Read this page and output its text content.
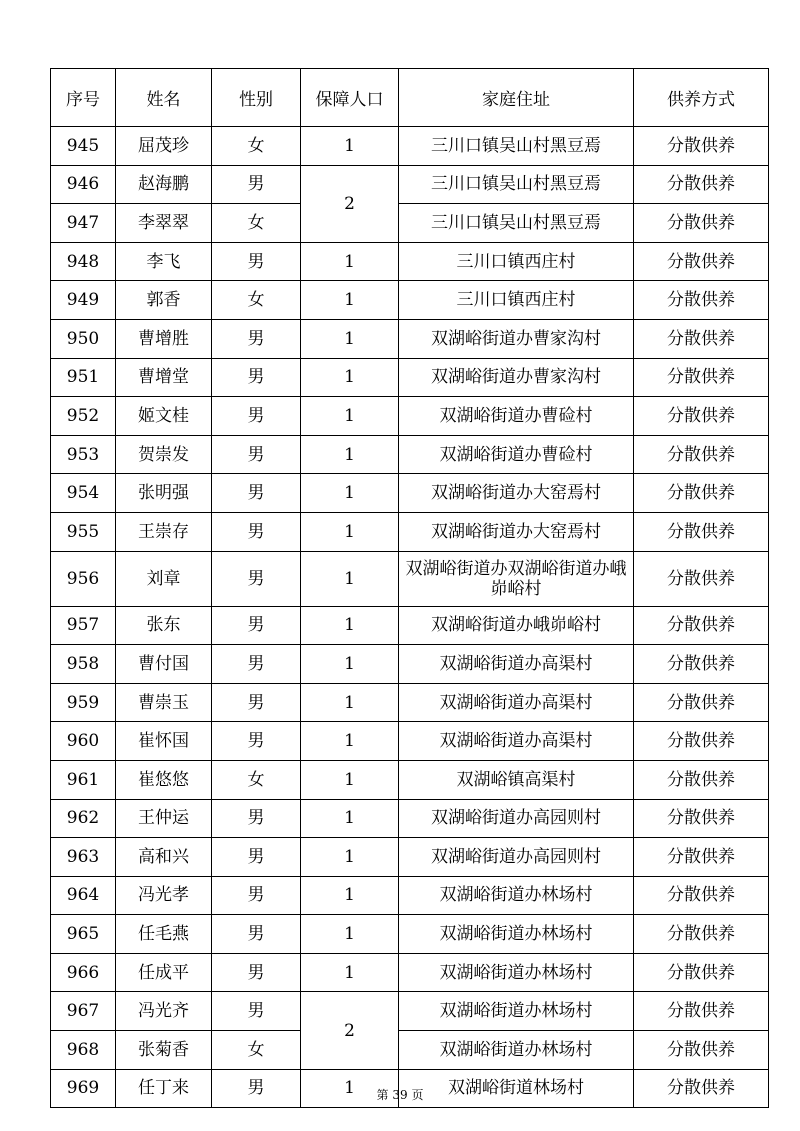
序号	姓名	性别	保障人口	家庭住址	供养方式
945	屈茂珍	女	1	三川口镇吴山村黑豆焉	分散供养
946	赵海鹏	男	2	三川口镇吴山村黑豆焉	分散供养
947	李翠翠	女		三川口镇吴山村黑豆焉	分散供养
948	李飞	男	1	三川口镇西庄村	分散供养
949	郭香	女	1	三川口镇西庄村	分散供养
950	曹增胜	男	1	双湖峪街道办曹家沟村	分散供养
951	曹增堂	男	1	双湖峪街道办曹家沟村	分散供养
952	姬文桂	男	1	双湖峪街道办曹硷村	分散供养
953	贺崇发	男	1	双湖峪街道办曹硷村	分散供养
954	张明强	男	1	双湖峪街道办大窑焉村	分散供养
955	王崇存	男	1	双湖峪街道办大窑焉村	分散供养
956	刘章	男	1	双湖峪街道办双湖峪街道办峨峁峪村	分散供养
957	张东	男	1	双湖峪街道办峨峁峪村	分散供养
958	曹付国	男	1	双湖峪街道办高渠村	分散供养
959	曹崇玉	男	1	双湖峪街道办高渠村	分散供养
960	崔怀国	男	1	双湖峪街道办高渠村	分散供养
961	崔悠悠	女	1	双湖峪镇高渠村	分散供养
962	王仲运	男	1	双湖峪街道办高园则村	分散供养
963	高和兴	男	1	双湖峪街道办高园则村	分散供养
964	冯光孝	男	1	双湖峪街道办林场村	分散供养
965	任毛燕	男	1	双湖峪街道办林场村	分散供养
966	任成平	男	1	双湖峪街道办林场村	分散供养
967	冯光齐	男	2	双湖峪街道办林场村	分散供养
968	张菊香	女		双湖峪街道办林场村	分散供养
969	任丁来	男	1	双湖峪街道林场村	分散供养
第 39 页
